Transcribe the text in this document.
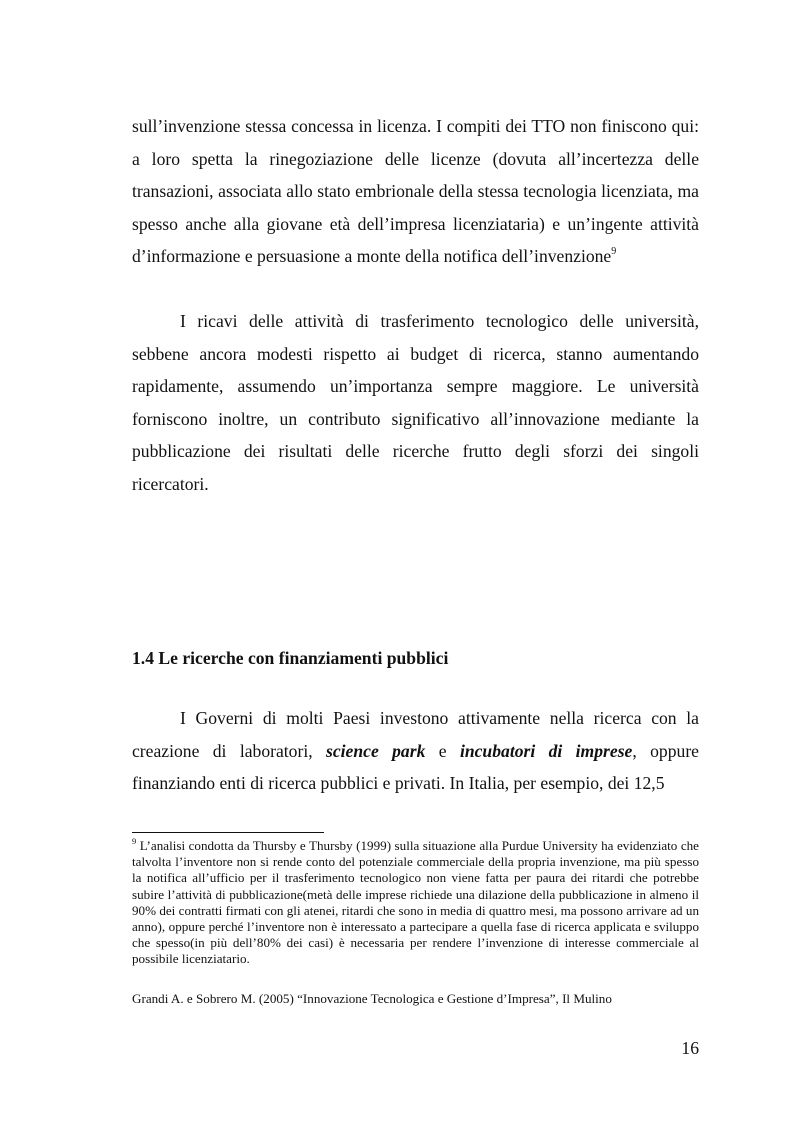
sull’invenzione stessa concessa in licenza. I compiti dei TTO non finiscono qui: a loro spetta la rinegoziazione delle licenze (dovuta all’incertezza delle transazioni, associata allo stato embrionale della stessa tecnologia licenziata, ma spesso anche alla giovane età dell’impresa licenziataria) e un’ingente attività d’informazione e persuasione a monte della notifica dell’invenzione$^9$

I ricavi delle attività di trasferimento tecnologico delle università, sebbene ancora modesti rispetto ai budget di ricerca, stanno aumentando rapidamente, assumendo un’importanza sempre maggiore. Le università forniscono inoltre, un contributo significativo all’innovazione mediante la pubblicazione dei risultati delle ricerche frutto degli sforzi dei singoli ricercatori.

1.4 Le ricerche con finanziamenti pubblici

I Governi di molti Paesi investono attivamente nella ricerca con la creazione di laboratori, science park e incubatori di imprese, oppure finanziando enti di ricerca pubblici e privati. In Italia, per esempio, dei 12,5

$^9$ L’analisi condotta da Thursby e Thursby (1999) sulla situazione alla Purdue University ha evidenziato che talvolta l’inventore non si rende conto del potenziale commerciale della propria invenzione, ma più spesso la notifica all’ufficio per il trasferimento tecnologico non viene fatta per paura dei ritardi che potrebbe subire l’attività di pubblicazione(metà delle imprese richiede una dilazione della pubblicazione in almeno il 90% dei contratti firmati con gli atenei, ritardi che sono in media di quattro mesi, ma possono arrivare ad un anno), oppure perché l’inventore non è interessato a partecipare a quella fase di ricerca applicata e sviluppo che spesso(in più dell’80% dei casi) è necessaria per rendere l’invenzione di interesse commerciale al possibile licenziatario.

Grandi A. e Sobrero M. (2005) “Innovazione Tecnologica e Gestione d’Impresa”, Il Mulino

16
